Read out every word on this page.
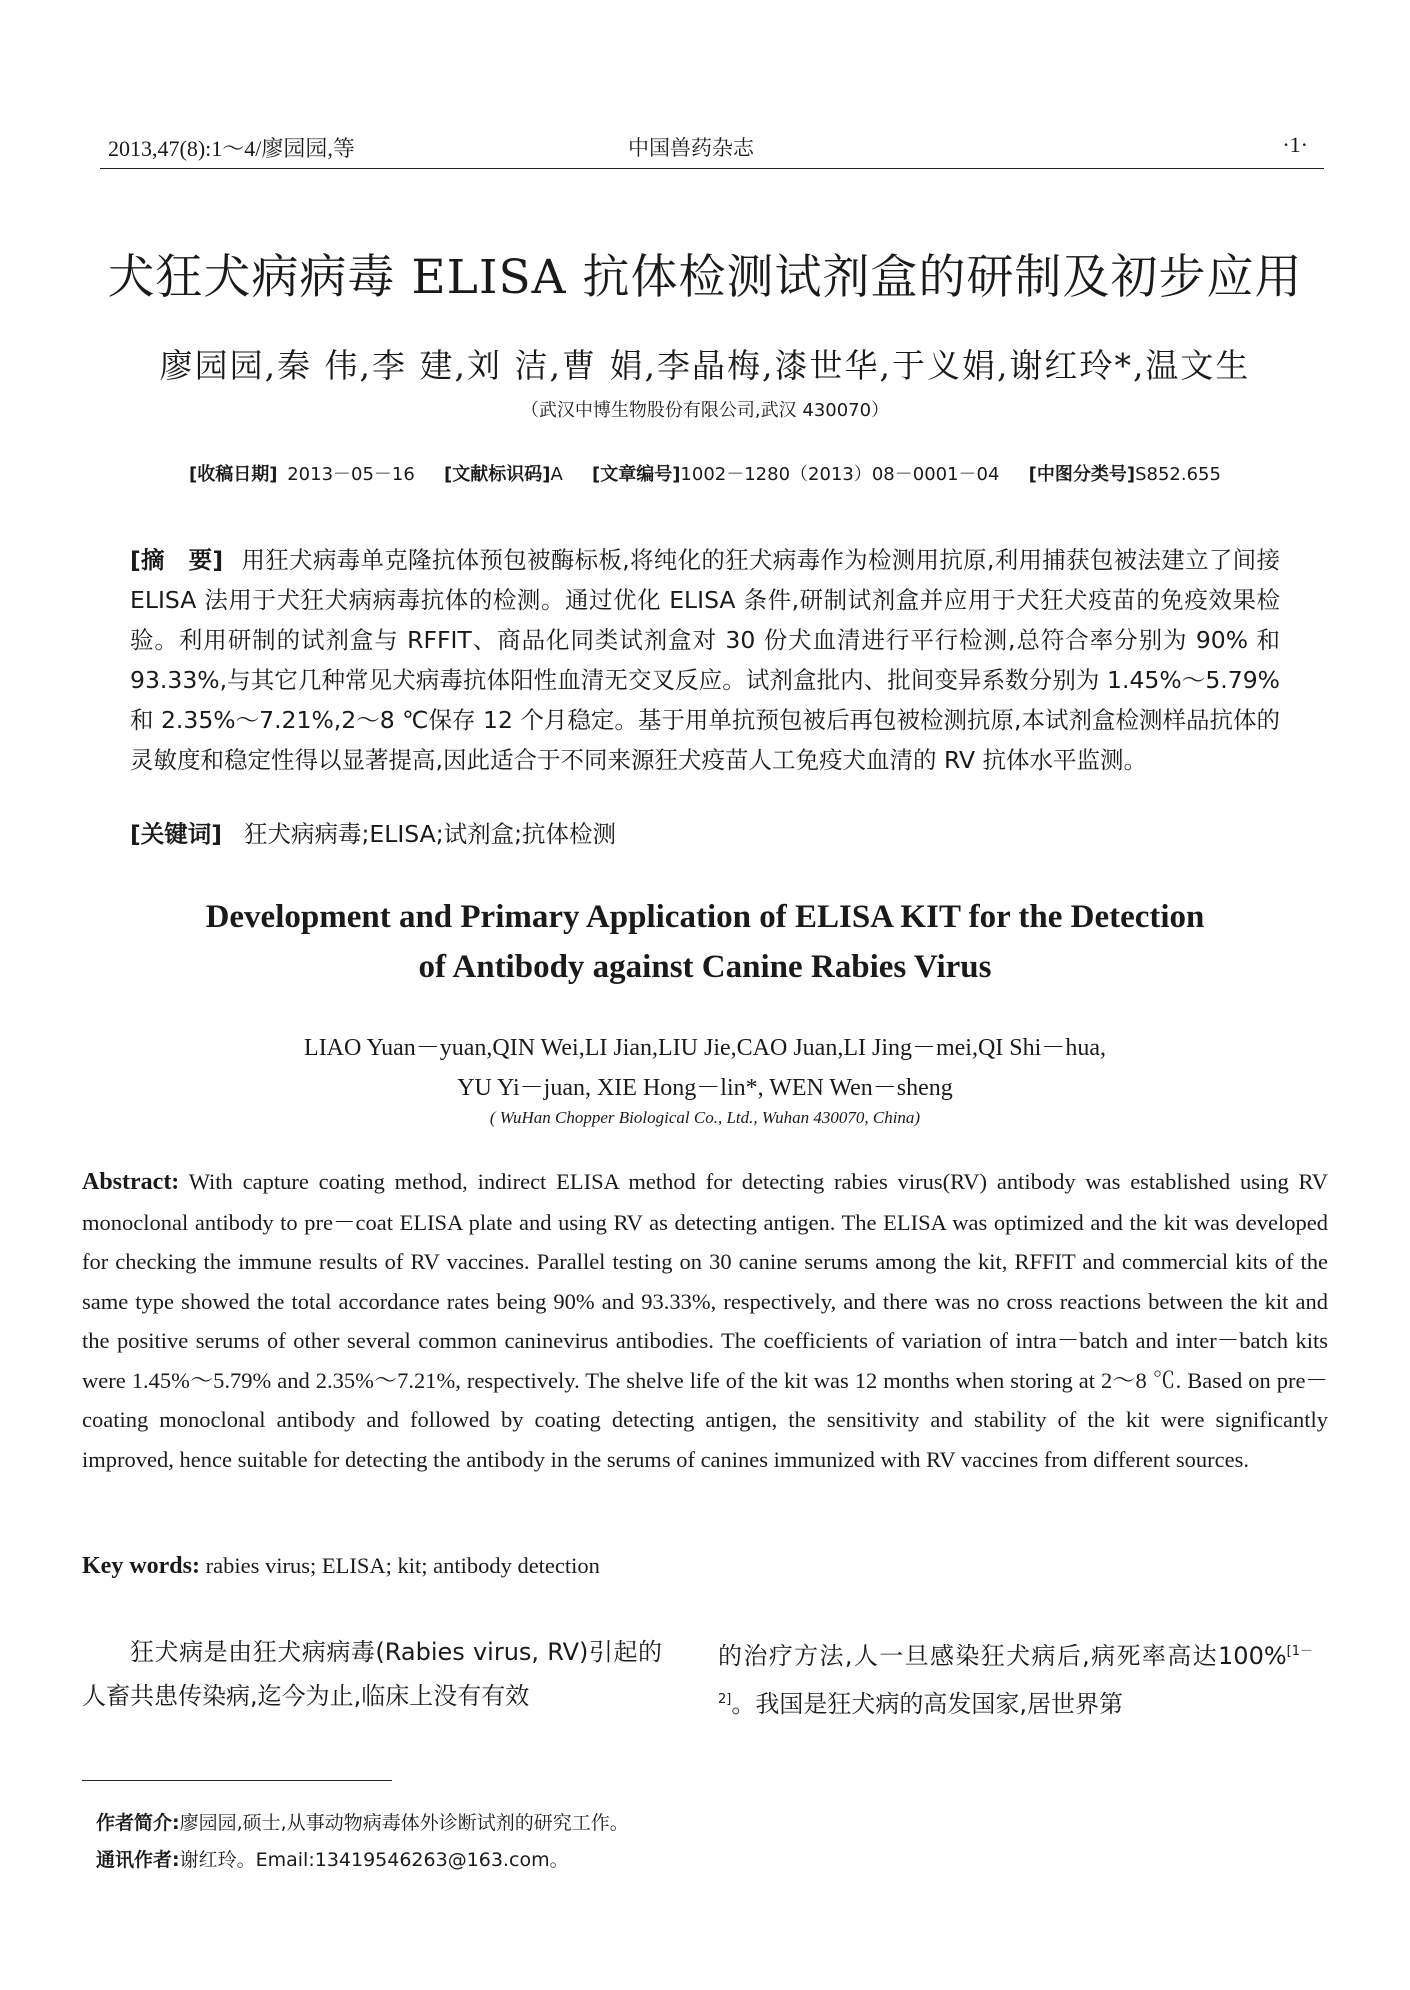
2013,47(8):1～4/廖园园,等	中国兽药杂志	·1·
犬狂犬病病毒 ELISA 抗体检测试剂盒的研制及初步应用
廖园园,秦 伟,李 建,刘 洁,曹 娟,李晶梅,漆世华,于义娟,谢红玲*,温文生
（武汉中博生物股份有限公司,武汉 430070）
[收稿日期] 2013－05－16 [文献标识码]A [文章编号]1002－1280（2013）08－0001－04 [中图分类号]S852.655
[摘　要] 用狂犬病毒单克隆抗体预包被酶标板,将纯化的狂犬病毒作为检测用抗原,利用捕获包被法建立了间接 ELISA 法用于犬狂犬病病毒抗体的检测。通过优化 ELISA 条件,研制试剂盒并应用于犬狂犬疫苗的免疫效果检验。利用研制的试剂盒与 RFFIT、商品化同类试剂盒对 30 份犬血清进行平行检测,总符合率分别为 90% 和 93.33%,与其它几种常见犬病毒抗体阳性血清无交叉反应。试剂盒批内、批间变异系数分别为 1.45%～5.79% 和 2.35%～7.21%,2～8 ℃保存 12 个月稳定。基于用单抗预包被后再包被检测抗原,本试剂盒检测样品抗体的灵敏度和稳定性得以显著提高,因此适合于不同来源狂犬疫苗人工免疫犬血清的 RV 抗体水平监测。
[关键词] 狂犬病病毒;ELISA;试剂盒;抗体检测
Development and Primary Application of ELISA KIT for the Detection
of Antibody against Canine Rabies Virus
LIAO Yuan－yuan,QIN Wei,LI Jian,LIU Jie,CAO Juan,LI Jing－mei,QI Shi－hua,
YU Yi－juan, XIE Hong－lin*, WEN Wen－sheng
( WuHan Chopper Biological Co., Ltd., Wuhan 430070, China)
Abstract: With capture coating method, indirect ELISA method for detecting rabies virus(RV) antibody was established using RV monoclonal antibody to pre－coat ELISA plate and using RV as detecting antigen. The ELISA was optimized and the kit was developed for checking the immune results of RV vaccines. Parallel testing on 30 canine serums among the kit, RFFIT and commercial kits of the same type showed the total accordance rates being 90% and 93.33%, respectively, and there was no cross reactions between the kit and the positive serums of other several common caninevirus antibodies. The coefficients of variation of intra－batch and inter－batch kits were 1.45%～5.79% and 2.35%～7.21%, respectively. The shelve life of the kit was 12 months when storing at 2～8 ℃. Based on pre－coating monoclonal antibody and followed by coating detecting antigen, the sensitivity and stability of the kit were significantly improved, hence suitable for detecting the antibody in the serums of canines immunized with RV vaccines from different sources.
Key words: rabies virus; ELISA; kit; antibody detection
狂犬病是由狂犬病病毒(Rabies virus, RV)引起的人畜共患传染病,迄今为止,临床上没有有效
的治疗方法,人一旦感染狂犬病后,病死率高达100%[1－2]。我国是狂犬病的高发国家,居世界第
作者简介:廖园园,硕士,从事动物病毒体外诊断试剂的研究工作。
通讯作者:谢红玲。Email:13419546263@163.com。
